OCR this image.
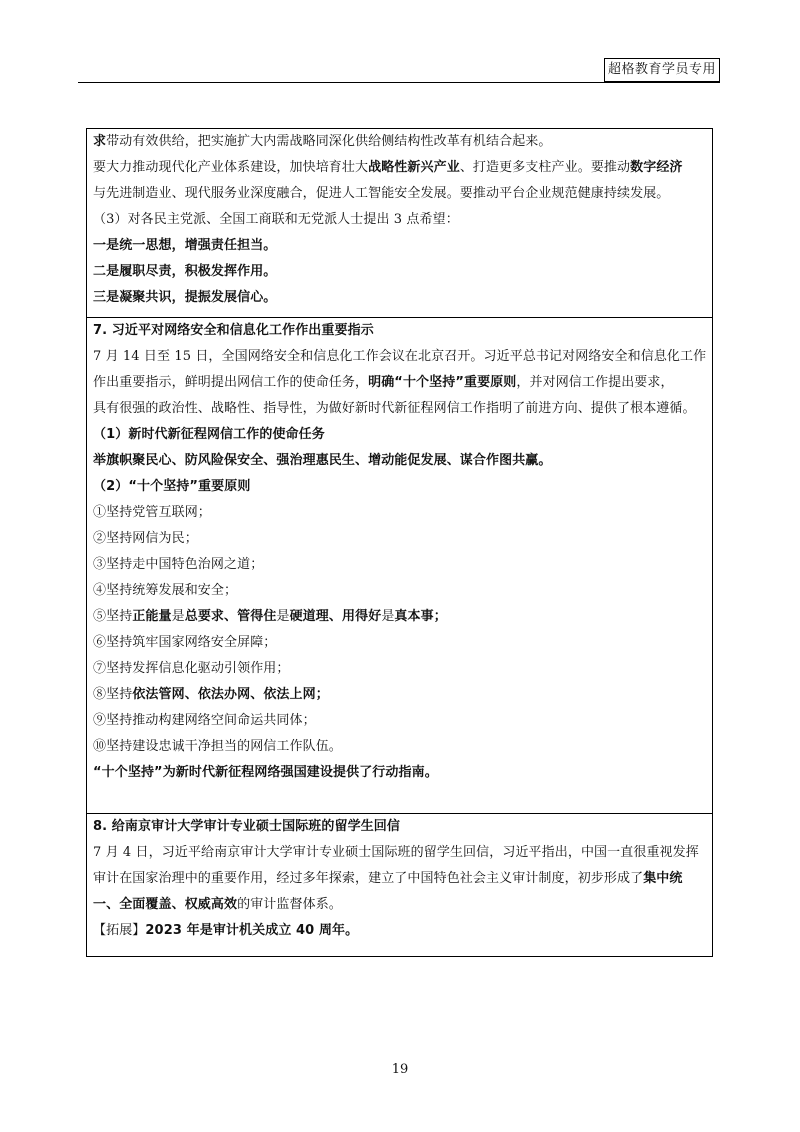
超格教育学员专用
求带动有效供给，把实施扩大内需战略同深化供给侧结构性改革有机结合起来。
要大力推动现代化产业体系建设，加快培育壮大战略性新兴产业、打造更多支柱产业。要推动数字经济
与先进制造业、现代服务业深度融合，促进人工智能安全发展。要推动平台企业规范健康持续发展。
（3）对各民主党派、全国工商联和无党派人士提出 3 点希望：
一是统一思想，增强责任担当。
二是履职尽责，积极发挥作用。
三是凝聚共识，提振发展信心。
7. 习近平对网络安全和信息化工作作出重要指示
7 月 14 日至 15 日，全国网络安全和信息化工作会议在北京召开。习近平总书记对网络安全和信息化工作
作出重要指示，鲜明提出网信工作的使命任务，明确“十个坚持”重要原则，并对网信工作提出要求，
具有很强的政治性、战略性、指导性，为做好新时代新征程网信工作指明了前进方向、提供了根本遵循。
（1）新时代新征程网信工作的使命任务
举旗帜聚民心、防风险保安全、强治理惠民生、增动能促发展、谋合作图共赢。
（2）“十个坚持”重要原则
①坚持党管互联网；
②坚持网信为民；
③坚持走中国特色治网之道；
④坚持统筹发展和安全；
⑤坚持正能量是总要求、管得住是硬道理、用得好是真本事；
⑥坚持筑牢国家网络安全屏障；
⑦坚持发挥信息化驱动引领作用；
⑧坚持依法管网、依法办网、依法上网；
⑨坚持推动构建网络空间命运共同体；
⑩坚持建设忠诚干净担当的网信工作队伍。
“十个坚持”为新时代新征程网络强国建设提供了行动指南。
8. 给南京审计大学审计专业硕士国际班的留学生回信
7 月 4 日，习近平给南京审计大学审计专业硕士国际班的留学生回信，习近平指出，中国一直很重视发挥
审计在国家治理中的重要作用，经过多年探索，建立了中国特色社会主义审计制度，初步形成了集中统
一、全面覆盖、权威高效的审计监督体系。
【拓展】2023 年是审计机关成立 40 周年。
19
